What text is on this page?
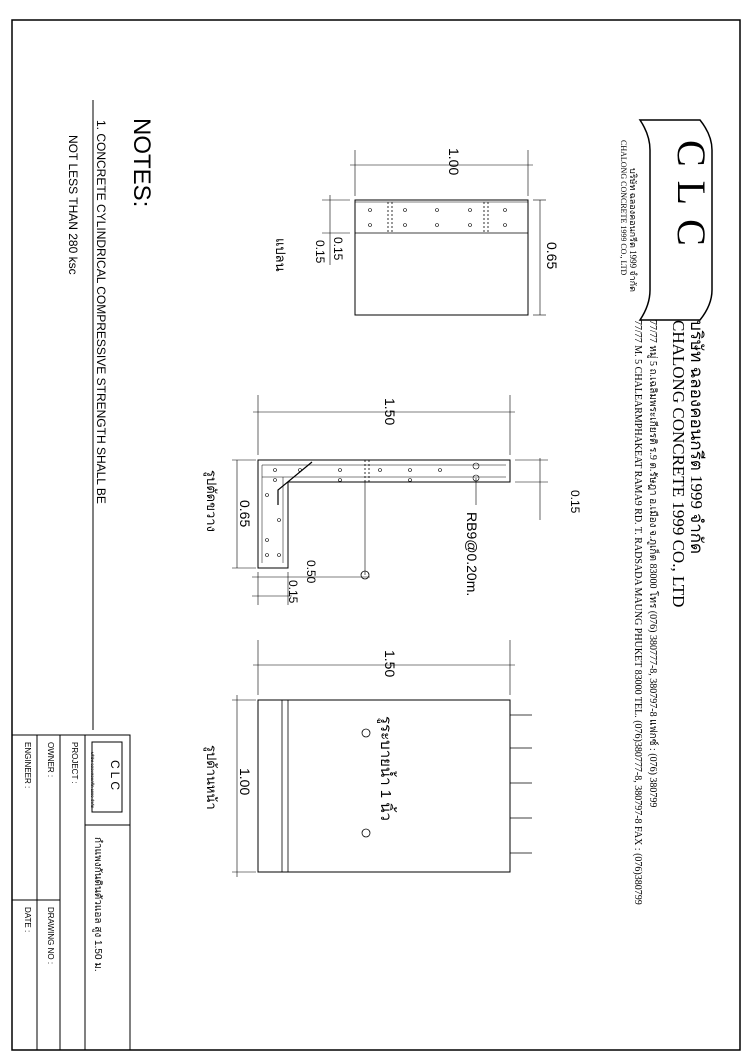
CLC
บริษัท ฉลองคอนกรีต 1999 จำกัด
CHALONG CONCRETE 1999 CO., LTD
บริษัท ฉลองคอนกรีต 1999 จำกัด
CHALONG CONCRETE 1999 CO., LTD
77/77 หมู่ 5 ถ.เฉลิมพระเกียรติ ร.9 ต.รัษฎา อ.เมือง จ.ภูเก็ต 83000 โทร (076) 380777-8, 380797-8 แฟกซ์ : (076) 380799
77/77 M. 5 CHALEARMPHAKEAT RAMA9 RD. T. RADSADA MAUNG PHUKET 83000 TEL. (076)380777-8, 380797-8 FAX : (076)380799
NOTES:
1. CONCRETE CYLINDRICAL COMPRESSIVE STRENGTH SHALL BE
NOT LESS THAN 280 ksc	1.00
0.65
0.15
0.15
แปลน
1.50
0.65	0.15
RB9@0.20m.
0.50
0.15
รูปตัดขวาง
1.50
1.00	รูระบายน้ำ 1 นิ้ว
รูปด้านหน้า
กำแพงกันดินตัวแอล สูง 1.50 ม.
CLC
บริษัท ฉลองคอนกรีต 1999 จำกัด
PROJECT :
OWNER :
ENGINEER :
DRAWING NO :
DATE :
